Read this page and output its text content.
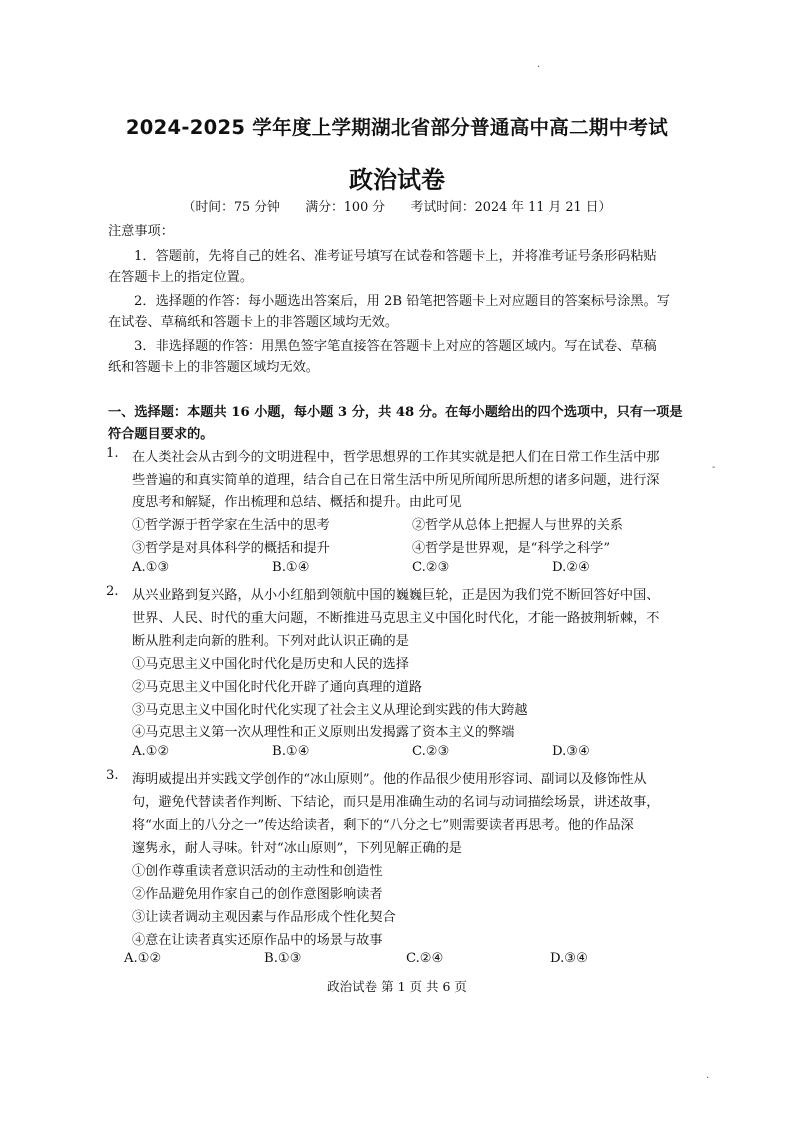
2024-2025 学年度上学期湖北省部分普通高中高二期中考试
政治试卷
（时间：75 分钟　　满分：100 分　　考试时间：2024 年 11 月 21 日）
注意事项：
1．答题前，先将自己的姓名、准考证号填写在试卷和答题卡上，并将准考证号条形码粘贴
在答题卡上的指定位置。
2．选择题的作答：每小题选出答案后，用 2B 铅笔把答题卡上对应题目的答案标号涂黑。写
在试卷、草稿纸和答题卡上的非答题区域均无效。
3．非选择题的作答：用黑色签字笔直接答在答题卡上对应的答题区域内。写在试卷、草稿
纸和答题卡上的非答题区域均无效。
一、选择题：本题共 16 小题，每小题 3 分，共 48 分。在每小题给出的四个选项中，只有一项是
符合题目要求的。
1. 在人类社会从古到今的文明进程中，哲学思想界的工作其实就是把人们在日常工作生活中那
些普遍的和真实简单的道理，结合自己在日常生活中所见所闻所思所想的诸多问题，进行深
度思考和解疑，作出梳理和总结、概括和提升。由此可见
①哲学源于哲学家在生活中的思考	②哲学从总体上把握人与世界的关系
③哲学是对具体科学的概括和提升	④哲学是世界观，是“科学之科学”
A.①③	B.①④	C.②③	D.②④
2. 从兴业路到复兴路，从小小红船到领航中国的巍巍巨轮，正是因为我们党不断回答好中国、
世界、人民、时代的重大问题，不断推进马克思主义中国化时代化，才能一路披荆斩棘，不
断从胜利走向新的胜利。下列对此认识正确的是
①马克思主义中国化时代化是历史和人民的选择
②马克思主义中国化时代化开辟了通向真理的道路
③马克思主义中国化时代化实现了社会主义从理论到实践的伟大跨越
④马克思主义第一次从理性和正义原则出发揭露了资本主义的弊端
A.①②	B.①④	C.②③	D.③④
3. 海明威提出并实践文学创作的“冰山原则”。他的作品很少使用形容词、副词以及修饰性从
句，避免代替读者作判断、下结论，而只是用准确生动的名词与动词描绘场景，讲述故事，
将“水面上的八分之一”传达给读者，剩下的“八分之七”则需要读者再思考。他的作品深
邃隽永，耐人寻味。针对“冰山原则”，下列见解正确的是
①创作尊重读者意识活动的主动性和创造性
②作品避免用作家自己的创作意图影响读者
③让读者调动主观因素与作品形成个性化契合
④意在让读者真实还原作品中的场景与故事
A.①②	B.①③	C.②④	D.③④
政治试卷 第 1 页 共 6 页
·
-
·
